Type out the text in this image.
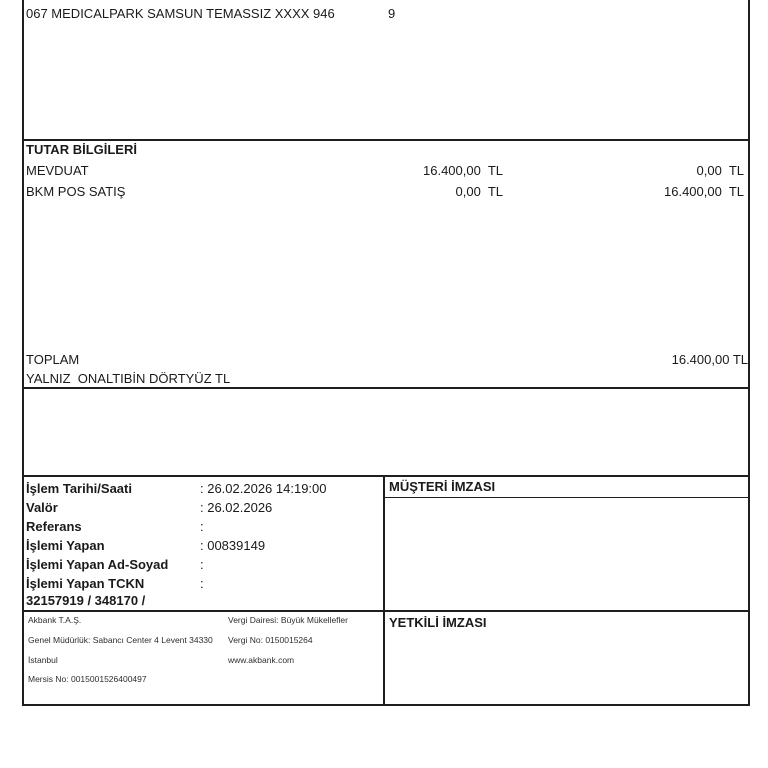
067 MEDICALPARK SAMSUN TEMASSIZ XXXX 946	9
TUTAR BİLGİLERİ
MEVDUAT	16.400,00  TL	0,00  TL
BKM POS SATIŞ	0,00  TL	16.400,00  TL
TOPLAM	16.400,00 TL
YALNIZ  ONALTIBİN DÖRTYÜZ TL
İşlem Tarihi/Saati	: 26.02.2026 14:19:00
Valör	: 26.02.2026
Referans	:
İşlemi Yapan	: 00839149
İşlemi Yapan Ad-Soyad :
İşlemi Yapan TCKN	:
32157919 / 348170 /
MÜŞTERİ İMZASI
YETKİLİ İMZASI
Akbank T.A.Ş.
Genel Müdürlük: Sabancı Center 4 Levent 34330
İstanbul
Mersis No: 0015001526400497
Vergi Dairesi: Büyük Mükellefler
Vergi No: 0150015264
www.akbank.com
